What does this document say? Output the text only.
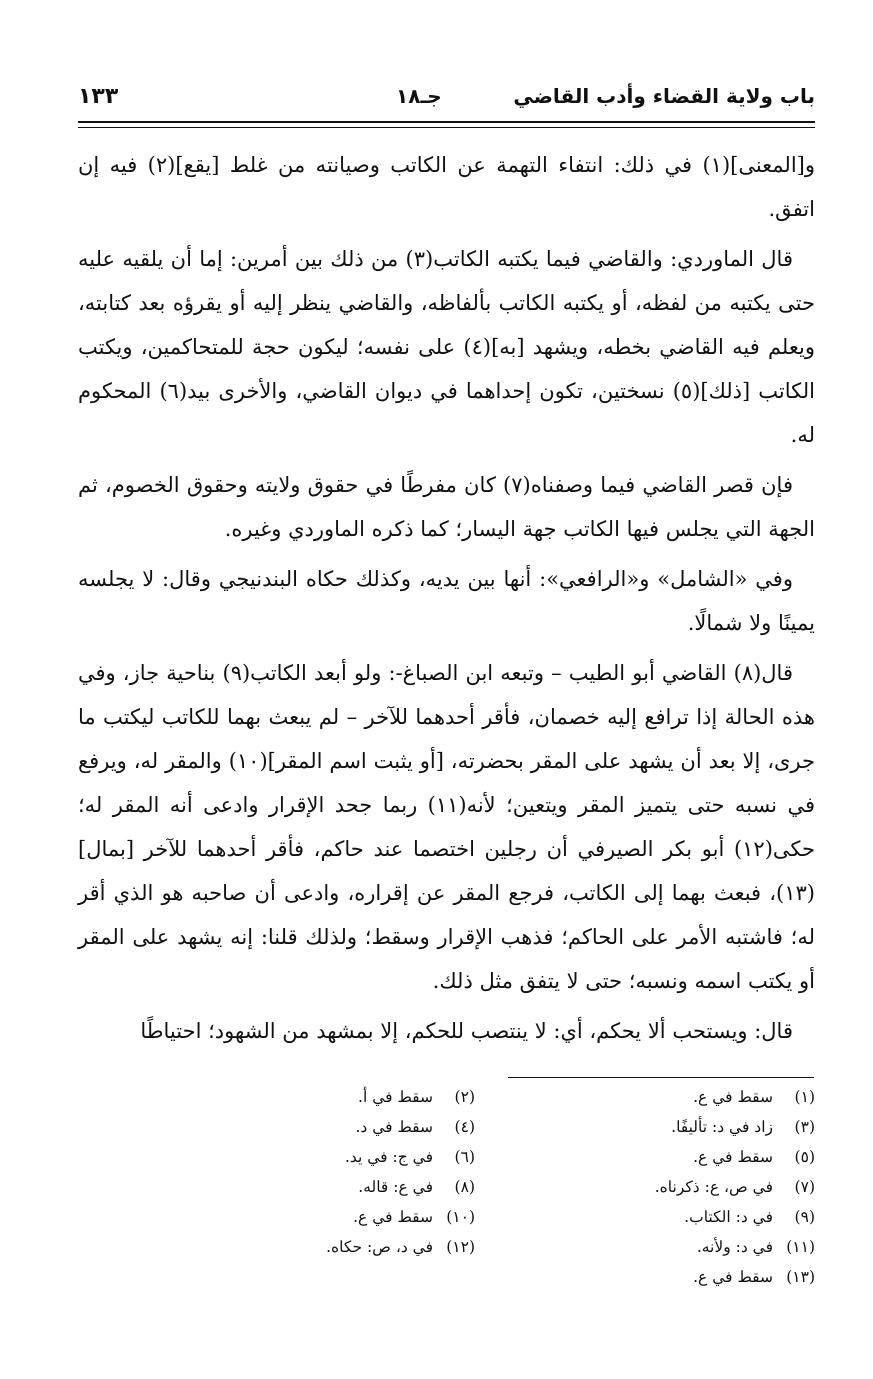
باب ولاية القضاء وأدب القاضي
جـ١٨
١٣٣

و[المعنى](١) في ذلك: انتفاء التهمة عن الكاتب وصيانته من غلط [يقع](٢) فيه إن اتفق.

قال الماوردي: والقاضي فيما يكتبه الكاتب(٣) من ذلك بين أمرين: إما أن يلقيه عليه حتى يكتبه من لفظه، أو يكتبه الكاتب بألفاظه، والقاضي ينظر إليه أو يقرؤه بعد كتابته، ويعلم فيه القاضي بخطه، ويشهد [به](٤) على نفسه؛ ليكون حجة للمتحاكمين، ويكتب الكاتب [ذلك](٥) نسختين، تكون إحداهما في ديوان القاضي، والأخرى بيد(٦) المحكوم له.

فإن قصر القاضي فيما وصفناه(٧) كان مفرطًا في حقوق ولايته وحقوق الخصوم، ثم الجهة التي يجلس فيها الكاتب جهة اليسار؛ كما ذكره الماوردي وغيره.

وفي «الشامل» و«الرافعي»: أنها بين يديه، وكذلك حكاه البندنيجي وقال: لا يجلسه يمينًا ولا شمالًا.

قال(٨) القاضي أبو الطيب – وتبعه ابن الصباغ-: ولو أبعد الكاتب(٩) بناحية جاز، وفي هذه الحالة إذا ترافع إليه خصمان، فأقر أحدهما للآخر – لم يبعث بهما للكاتب ليكتب ما جرى، إلا بعد أن يشهد على المقر بحضرته، [أو يثبت اسم المقر](١٠) والمقر له، ويرفع في نسبه حتى يتميز المقر ويتعين؛ لأنه(١١) ربما جحد الإقرار وادعى أنه المقر له؛ حكى(١٢) أبو بكر الصيرفي أن رجلين اختصما عند حاكم، فأقر أحدهما للآخر [بمال](١٣)، فبعث بهما إلى الكاتب، فرجع المقر عن إقراره، وادعى أن صاحبه هو الذي أقر له؛ فاشتبه الأمر على الحاكم؛ فذهب الإقرار وسقط؛ ولذلك قلنا: إنه يشهد على المقر أو يكتب اسمه ونسبه؛ حتى لا يتفق مثل ذلك.

قال: ويستحب ألا يحكم، أي: لا ينتصب للحكم، إلا بمشهد من الشهود؛ احتياطًا

(١)سقط في ع.
(٣)زاد في د: تأليفًا.
(٥)سقط في ع.
(٧)في ص، ع: ذكرناه.
(٩)في د: الكتاب.
(١١)في د: ولأنه.
(١٣)سقط في ع.
(٢)سقط في أ.
(٤)سقط في د.
(٦)في ج: في يد.
(٨)في ع: قاله.
(١٠)سقط في ع.
(١٢)في د، ص: حكاه.
